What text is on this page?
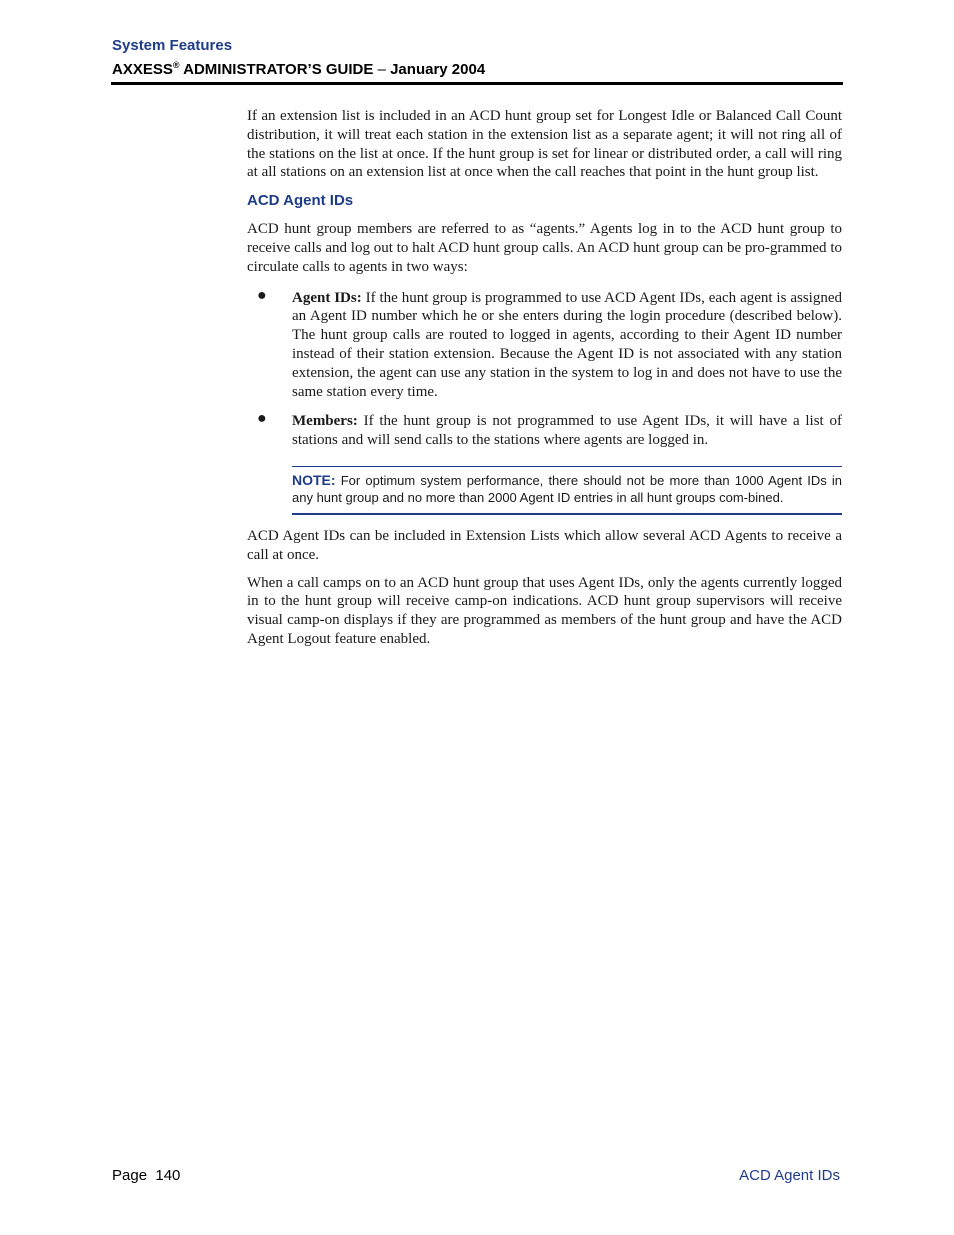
System Features
AXXESS® ADMINISTRATOR’S GUIDE – January 2004

If an extension list is included in an ACD hunt group set for Longest Idle or Balanced Call Count distribution, it will treat each station in the extension list as a separate agent; it will not ring all of the stations on the list at once. If the hunt group is set for linear or distributed order, a call will ring at all stations on an extension list at once when the call reaches that point in the hunt group list.

ACD Agent IDs

ACD hunt group members are referred to as “agents.” Agents log in to the ACD hunt group to receive calls and log out to halt ACD hunt group calls. An ACD hunt group can be pro-grammed to circulate calls to agents in two ways:

● Agent IDs: If the hunt group is programmed to use ACD Agent IDs, each agent is assigned an Agent ID number which he or she enters during the login procedure (described below). The hunt group calls are routed to logged in agents, according to their Agent ID number instead of their station extension. Because the Agent ID is not associated with any station extension, the agent can use any station in the system to log in and does not have to use the same station every time.
● Members: If the hunt group is not programmed to use Agent IDs, it will have a list of stations and will send calls to the stations where agents are logged in.
NOTE: For optimum system performance, there should not be more than 1000 Agent IDs in any hunt group and no more than 2000 Agent ID entries in all hunt groups com-bined.

ACD Agent IDs can be included in Extension Lists which allow several ACD Agents to receive a call at once.

When a call camps on to an ACD hunt group that uses Agent IDs, only the agents currently logged in to the hunt group will receive camp-on indications. ACD hunt group supervisors will receive visual camp-on displays if they are programmed as members of the hunt group and have the ACD Agent Logout feature enabled.

Page  140	ACD Agent IDs
